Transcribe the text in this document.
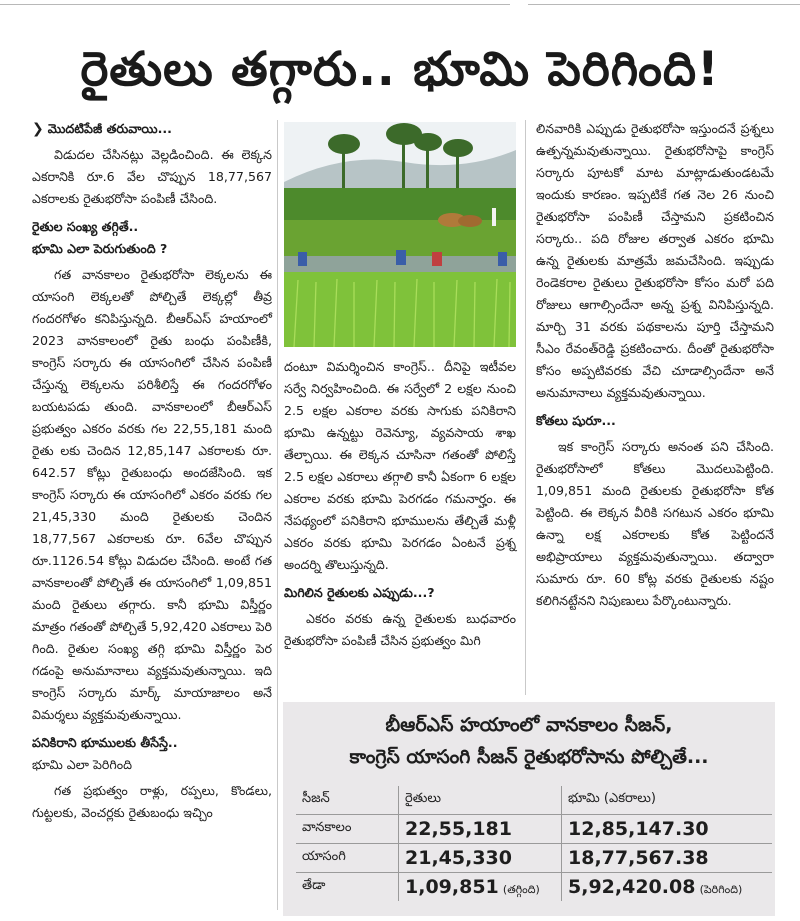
రైతులు తగ్గారు.. భూమి పెరిగింది!
❯ మొదటిపేజీ తరువాయి...

విడుదల చేసినట్లు వెల్లడించింది. ఈ లెక్కన ఎకరానికి రూ.6 వేల చొప్పున 18,77,567 ఎకరాలకు రైతుభరోసా పంపిణీ చేసింది.

రైతుల సంఖ్య తగ్గితే..
భూమి ఎలా పెరుగుతుంది ?

గత వానకాలం రైతుభరోసా లెక్కలను ఈ యాసంగి లెక్కలతో పోల్చితే లెక్కల్లో తీవ్ర గందరగోళం కనిపిస్తున్నది. బీఆర్ఎస్ హయాంలో 2023 వానకాలంలో రైతు బంధు పంపిణీకి, కాంగ్రెస్ సర్కారు ఈ యాసంగిలో చేసిన పంపిణీ చేస్తున్న లెక్కలను పరిశీలిస్తే ఈ గందరగోళం బయటపడు తుంది. వానకాలంలో బీఆర్ఎస్ ప్రభుత్వం ఎకరం వరకు గల 22,55,181 మంది రైతు లకు చెందిన 12,85,147 ఎకరాలకు రూ. 642.57 కోట్లు రైతుబంధు అందజేసింది. ఇక కాంగ్రెస్ సర్కారు ఈ యాసంగిలో ఎకరం వరకు గల 21,45,330 మంది రైతులకు చెందిన 18,77,567 ఎకరాలకు రూ. 6వేల చొప్పున రూ.1126.54 కోట్లు విడుదల చేసింది. అంటే గత వానకాలంతో పోల్చితే ఈ యాసంగిలో 1,09,851 మంది రైతులు తగ్గారు. కానీ భూమి విస్తీర్ణం మాత్రం గతంతో పోల్చితే 5,92,420 ఎకరాలు పెరి గింది. రైతుల సంఖ్య తగ్గి భూమి విస్తీర్ణం పెర గడంపై అనుమానాలు వ్యక్తమవుతున్నాయి. ఇది కాంగ్రెస్ సర్కారు మార్క్ మాయాజాలం అనే విమర్శలు వ్యక్తమవుతున్నాయి.

పనికిరాని భూములకు తీసేస్తే..
భూమి ఎలా పెరిగింది

గత ప్రభుత్వం రాళ్లు, రప్పలు, కొండలు, గుట్టలకు, వెంచర్లకు రైతుబంధు ఇచ్చిం

దంటూ విమర్శించిన కాంగ్రెస్.. దీనిపై ఇటీవల సర్వే నిర్వహించింది. ఈ సర్వేలో 2 లక్షల నుంచి 2.5 లక్షల ఎకరాల వరకు సాగుకు పనికిరాని భూమి ఉన్నట్టు రెవెన్యూ, వ్యవసాయ శాఖ తేల్చాయి. ఈ లెక్కన చూసినా గతంతో పోలిస్తే 2.5 లక్షల ఎకరాలు తగ్గాలి కానీ ఏకంగా 6 లక్షల ఎకరాల వరకు భూమి పెరగడం గమనార్హం. ఈ నేపథ్యంలో పనికిరాని భూములను తేల్చితే మళ్లీ ఎకరం వరకు భూమి పెరగడం ఏంటనే ప్రశ్న అందర్ని తొలుస్తున్నది.

మిగిలిన రైతులకు ఎప్పుడు...?

ఎకరం వరకు ఉన్న రైతులకు బుధవారం రైతుభరోసా పంపిణీ చేసిన ప్రభుత్వం మిగి

లినవారికి ఎప్పుడు రైతుభరోసా ఇస్తుందనే ప్రశ్నలు ఉత్పన్నమవుతున్నాయి. రైతుభరోసాపై కాంగ్రెస్ సర్కారు పూటకో మాట మాట్లాడుతుండటమే ఇందుకు కారణం. ఇప్పటికే గత నెల 26 నుంచి రైతుభరోసా పంపిణీ చేస్తామని ప్రకటించిన సర్కారు.. పది రోజుల తర్వాత ఎకరం భూమి ఉన్న రైతులకు మాత్రమే జమచేసింది. ఇప్పుడు రెండెకరాల రైతులు రైతుభరోసా కోసం మరో పది రోజులు ఆగాల్సిందేనా అన్న ప్రశ్న వినిపిస్తున్నది. మార్చి 31 వరకు పథకాలను పూర్తి చేస్తామని సీఎం రేవంత్‌రెడ్డి ప్రకటించారు. దీంతో రైతుభరోసా కోసం అప్పటివరకు వేచి చూడాల్సిందేనా అనే అనుమానాలు వ్యక్తమవుతున్నాయి.

కోతలు షురూ...

ఇక కాంగ్రెస్ సర్కారు అనంత పని చేసింది. రైతుభరోసాలో కోతలు మొదలుపెట్టింది. 1,09,851 మంది రైతులకు రైతుభరోసా కోత పెట్టింది. ఈ లెక్కన వీరికి సగటున ఎకరం భూమి ఉన్నా లక్ష ఎకరాలకు కోత పెట్టిందనే అభిప్రాయాలు వ్యక్తమవుతున్నాయి. తద్వారా సుమారు రూ. 60 కోట్ల వరకు రైతులకు నష్టం కలిగినట్టేనని నిపుణులు పేర్కొంటున్నారు.

బీఆర్ఎస్ హయాంలో వానకాలం సీజన్,
కాంగ్రెస్ యాసంగి సీజన్ రైతుభరోసాను పోల్చితే...
సీజన్	రైతులు	భూమి (ఎకరాలు)
వానకాలం	22,55,181	12,85,147.30
యాసంగి	21,45,330	18,77,567.38
తేడా	1,09,851 (తగ్గింది)	5,92,420.08 (పెరిగింది)
